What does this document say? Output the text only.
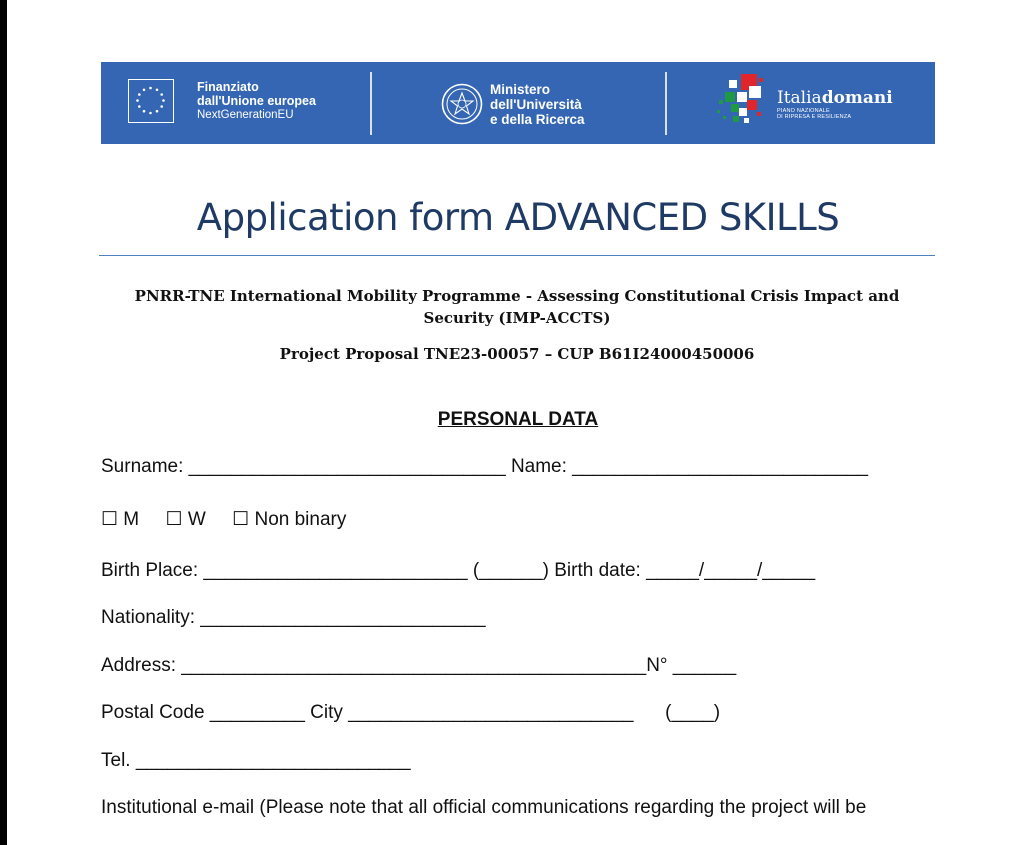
Finanziato
dall'Unione europea
NextGenerationEU
Ministero
dell'Università
e della Ricerca
Italiadomani
PIANO NAZIONALE
DI RIPRESA E RESILIENZA
Application form ADVANCED SKILLS
PNRR-TNE International Mobility Programme - Assessing Constitutional Crisis Impact and Security (IMP-ACCTS)
Project Proposal TNE23-00057 – CUP B61I24000450006
PERSONAL DATA
Surname: ______________________________ Name: ____________________________
☐ M     ☐ W     ☐ Non binary
Birth Place: _________________________ (______) Birth date: _____/_____/_____
Nationality: ___________________________
Address: ____________________________________________N° ______
Postal Code _________ City ___________________________      (____)
Tel. __________________________
Institutional e-mail (Please note that all official communications regarding the project will be
